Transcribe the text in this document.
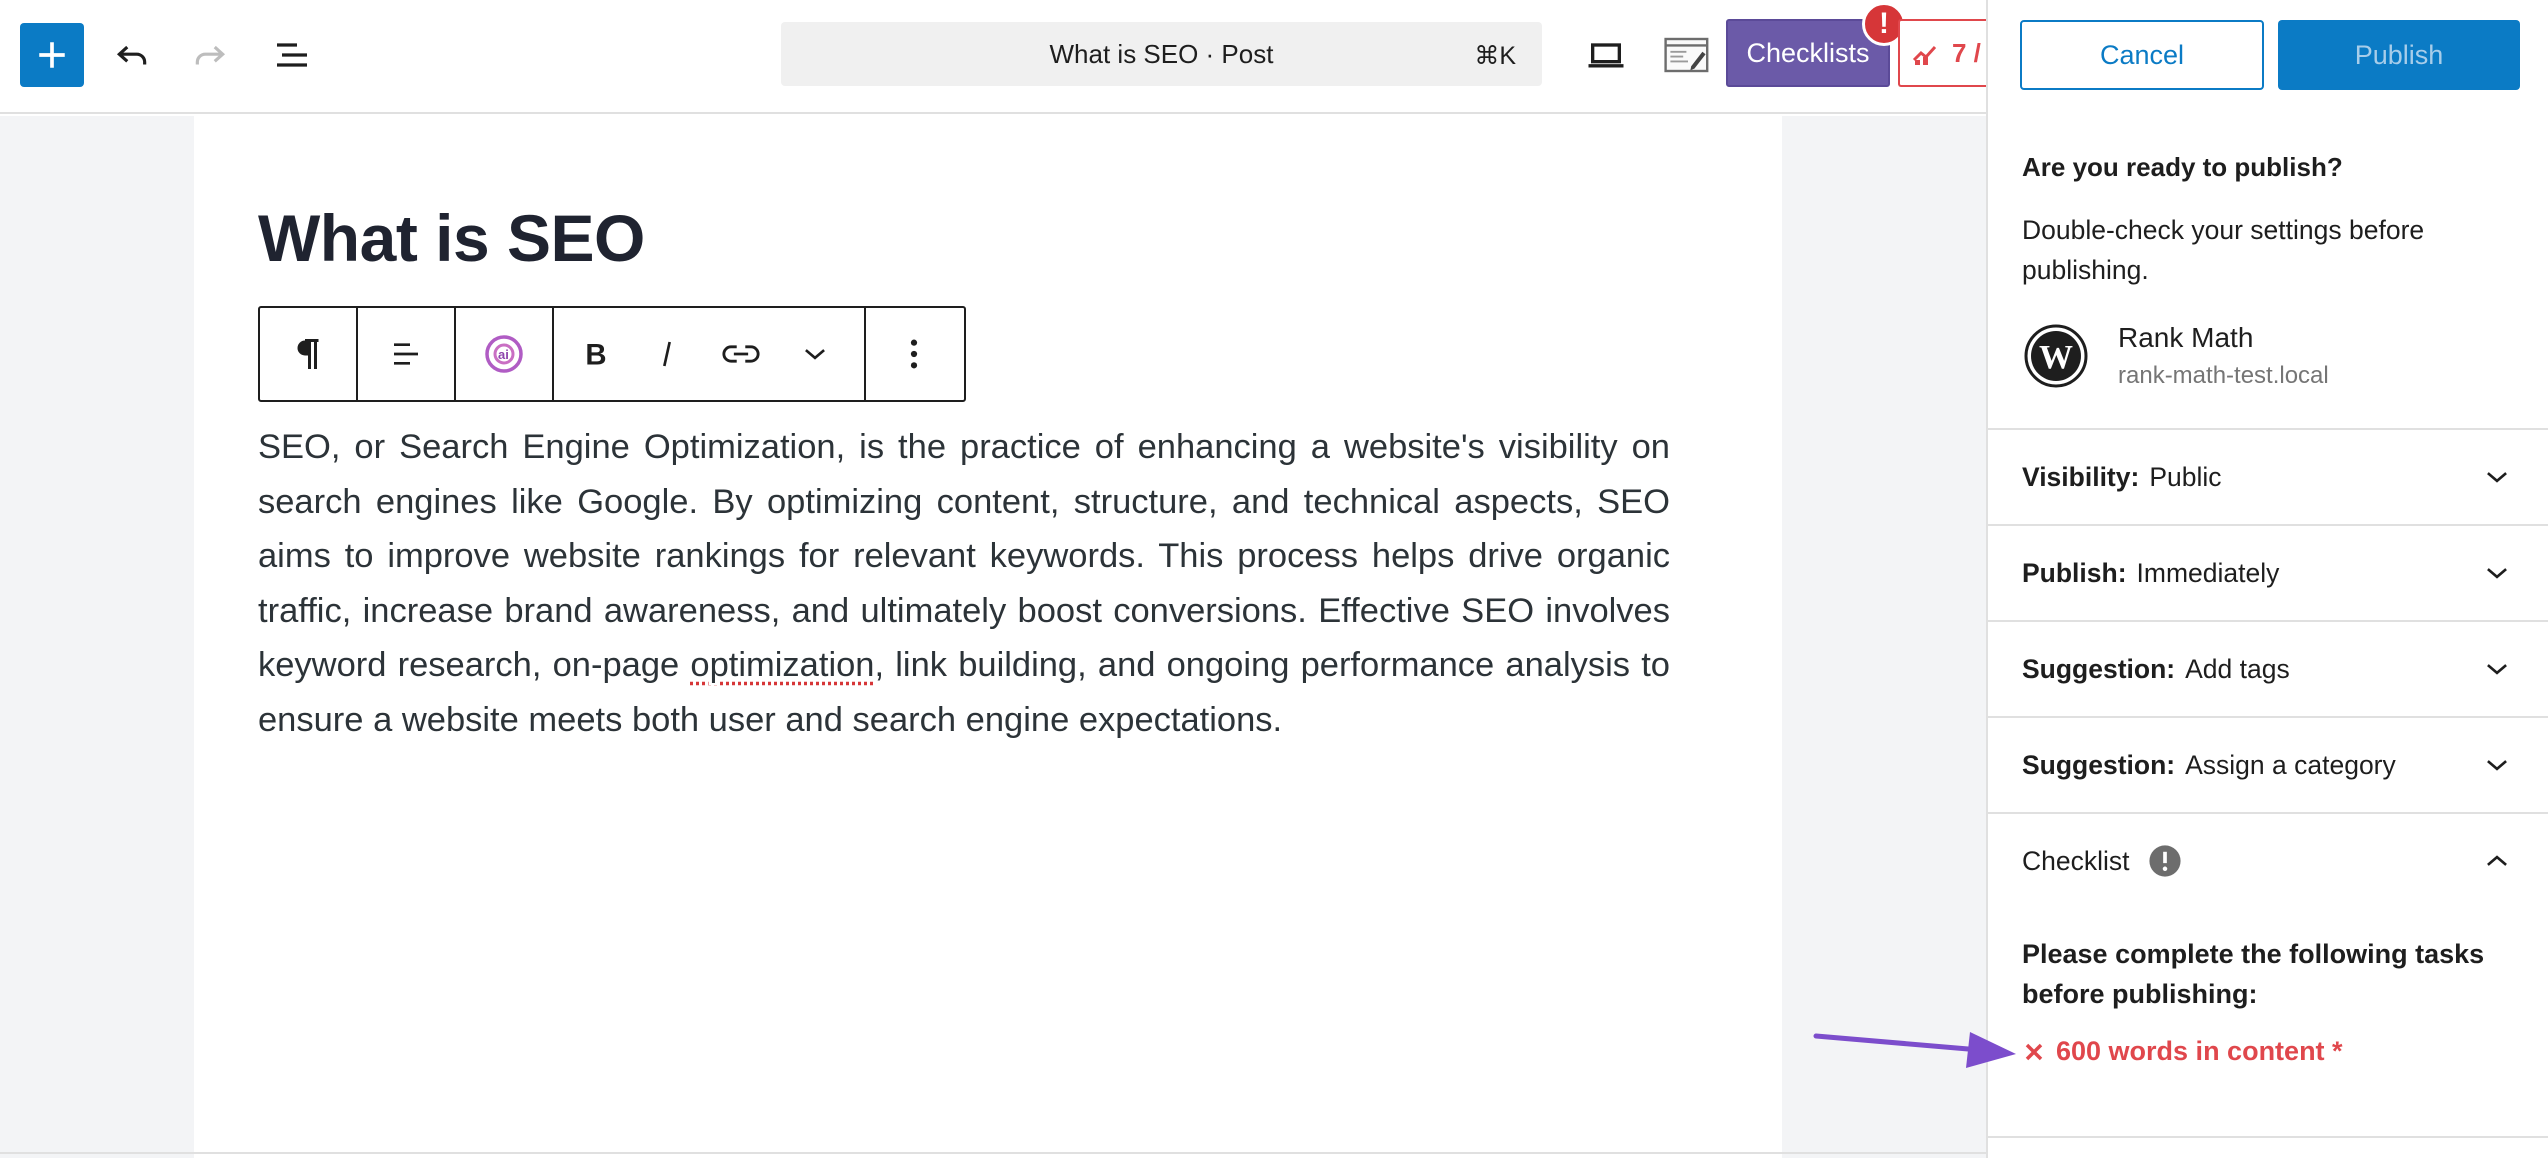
What is SEO · Post	⌘K	Checklists
!
7 /
What is SEO
ai	B

SEO, or Search Engine Optimization, is the practice of enhancing a website's visibility on search engines like Google. By optimizing content, structure, and technical aspects, SEO aims to improve website rankings for relevant keywords. This process helps drive organic traffic, increase brand awareness, and ultimately boost conversions. Effective SEO involves keyword research, on-page optimization, link building, and ongoing performance analysis to ensure a website meets both user and search engine expectations.

Cancel	Publish
Are you ready to publish?
Double-check your settings before publishing.
W
Rank Math
rank-math-test.local
Visibility: Public
Publish: Immediately
Suggestion: Add tags
Suggestion: Assign a category
Checklist
Please complete the following tasks before publishing:
600 words in content *
